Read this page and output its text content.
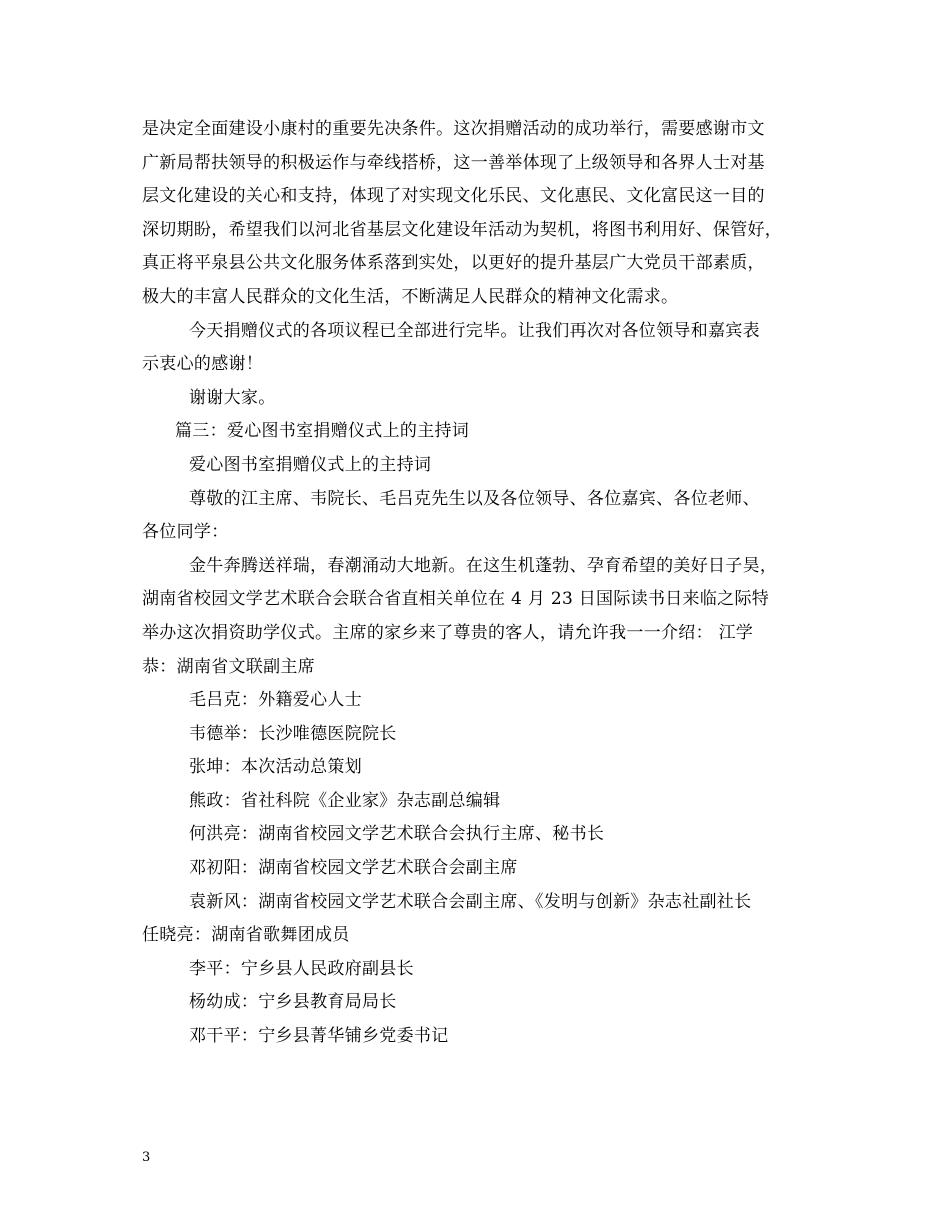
是决定全面建设小康村的重要先决条件。这次捐赠活动的成功举行，需要感谢市文
广新局帮扶领导的积极运作与牵线搭桥，这一善举体现了上级领导和各界人士对基
层文化建设的关心和支持，体现了对实现文化乐民、文化惠民、文化富民这一目的
深切期盼，希望我们以河北省基层文化建设年活动为契机，将图书利用好、保管好，
真正将平泉县公共文化服务体系落到实处，以更好的提升基层广大党员干部素质，
极大的丰富人民群众的文化生活，不断满足人民群众的精神文化需求。
今天捐赠仪式的各项议程已全部进行完毕。让我们再次对各位领导和嘉宾表
示衷心的感谢！
谢谢大家。
篇三：爱心图书室捐赠仪式上的主持词
爱心图书室捐赠仪式上的主持词
尊敬的江主席、韦院长、毛吕克先生以及各位领导、各位嘉宾、各位老师、
各位同学：
金牛奔腾送祥瑞，春潮涌动大地新。在这生机蓬勃、孕育希望的美好日子昊，
湖南省校园文学艺术联合会联合省直相关单位在 4 月 23 日国际读书日来临之际特
举办这次捐资助学仪式。主席的家乡来了尊贵的客人，请允许我一一介绍： 江学
恭：湖南省文联副主席
毛吕克：外籍爱心人士
韦德举：长沙唯德医院院长
张坤：本次活动总策划
熊政：省社科院《企业家》杂志副总编辑
何洪亮：湖南省校园文学艺术联合会执行主席、秘书长
邓初阳：湖南省校园文学艺术联合会副主席
袁新风：湖南省校园文学艺术联合会副主席、《发明与创新》杂志社副社长
任晓亮：湖南省歌舞团成员
李平：宁乡县人民政府副县长
杨幼成：宁乡县教育局局长
邓干平：宁乡县菁华铺乡党委书记
3
